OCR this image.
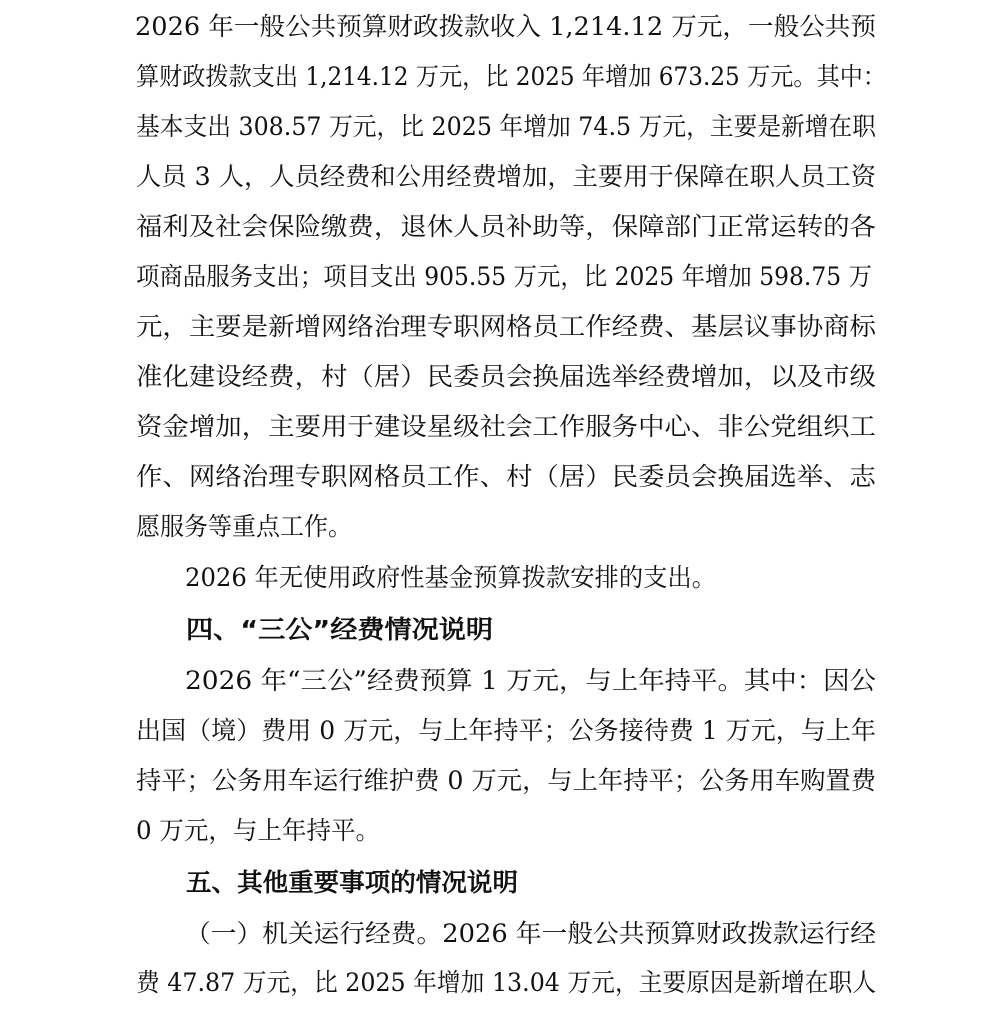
2026 年一般公共预算财政拨款收入 1,214.12 万元，一般公共预
算财政拨款支出 1,214.12 万元，比 2025 年增加 673.25 万元。其中：
基本支出 308.57 万元，比 2025 年增加 74.5 万元，主要是新增在职
人员 3 人，人员经费和公用经费增加，主要用于保障在职人员工资
福利及社会保险缴费，退休人员补助等，保障部门正常运转的各
项商品服务支出；项目支出 905.55 万元，比 2025 年增加 598.75 万
元，主要是新增网络治理专职网格员工作经费、基层议事协商标
准化建设经费，村（居）民委员会换届选举经费增加，以及市级
资金增加，主要用于建设星级社会工作服务中心、非公党组织工
作、网络治理专职网格员工作、村（居）民委员会换届选举、志
愿服务等重点工作。
2026 年无使用政府性基金预算拨款安排的支出。
四、“三公”经费情况说明
2026 年“三公”经费预算 1 万元，与上年持平。其中：因公
出国（境）费用 0 万元，与上年持平；公务接待费 1 万元，与上年
持平；公务用车运行维护费 0 万元，与上年持平；公务用车购置费
0 万元，与上年持平。
五、其他重要事项的情况说明
（一）机关运行经费。2026 年一般公共预算财政拨款运行经
费 47.87 万元，比 2025 年增加 13.04 万元，主要原因是新增在职人
